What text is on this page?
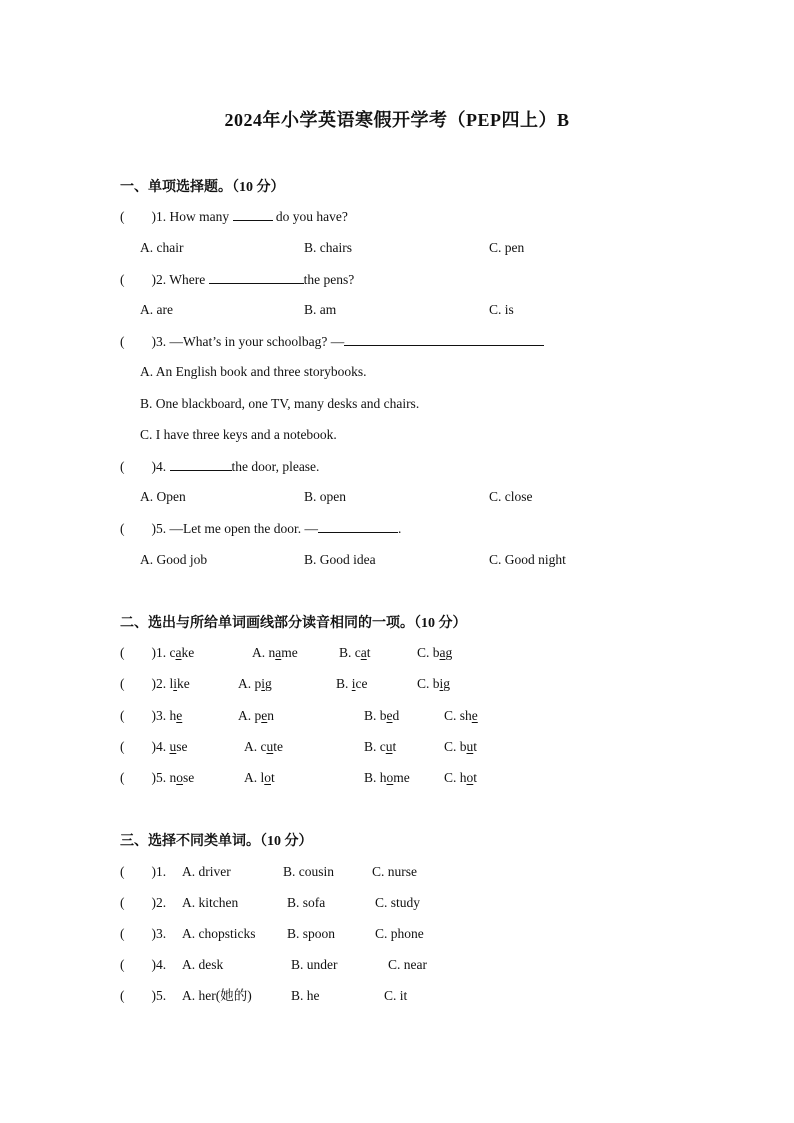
2024年小学英语寒假开学考（PEP四上）B
一、单项选择题。（10 分）
(　　)1. How many	do you have?
A. chair	B. chairs	C. pen
(　　)2. Where	the pens?
A. are	B. am	C. is
(　　)3. —What’s in your schoolbag? —
A. An English book and three storybooks.
B. One blackboard, one TV, many desks and chairs.
C. I have three keys and a notebook.
(　　)4.	the door, please.
A. Open	B. open	C. close
(　　)5. —Let me open the door. —	.
A. Good job	B. Good idea	C. Good night
二、选出与所给单词画线部分读音相同的一项。（10 分）
(　　)1. cake	A. name	B. cat	C. bag
(　　)2. like	A. pig	B. ice	C. big
(　　)3. he	A. pen	B. bed	C. she
(　　)4. use	A. cute	B. cut	C. but
(　　)5. nose	A. lot	B. home	C. hot
三、选择不同类单词。（10 分）
(　　)1. A. driver	B. cousin	C. nurse
(　　)2. A. kitchen	B. sofa	C. study
(　　)3. A. chopsticks B. spoon	C. phone
(　　)4. A. desk	B. under	C. near
(　　)5. A. her(她的)	B. he	C. it
